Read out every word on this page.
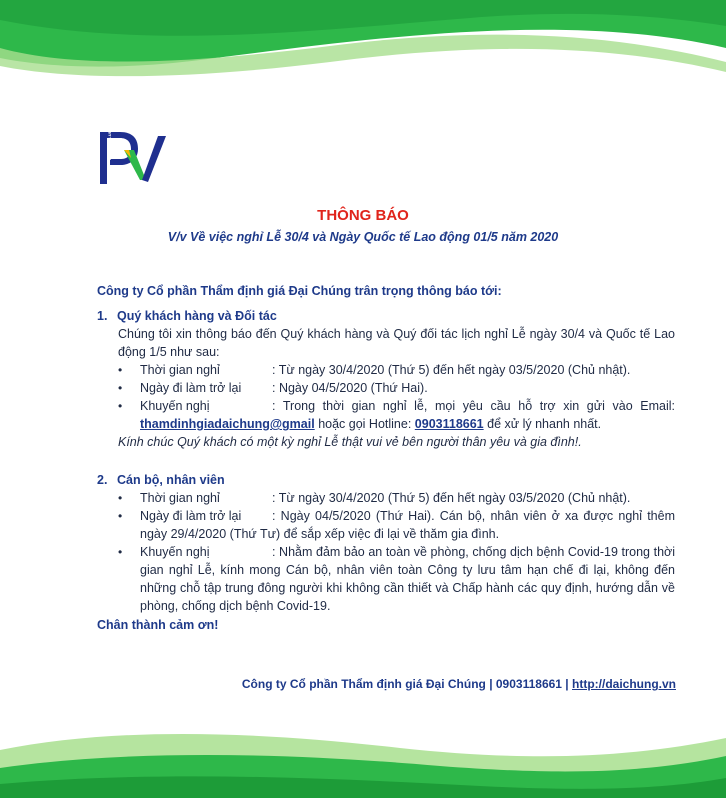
PUBLIC VALUE
THÔNG BÁO
V/v Về việc nghỉ Lễ 30/4 và Ngày Quốc tế Lao động 01/5 năm 2020

Công ty Cổ phần Thẩm định giá Đại Chúng trân trọng thông báo tới:

1. Quý khách hàng và Đối tác

Chúng tôi xin thông báo đến Quý khách hàng và Quý đối tác lịch nghỉ Lễ ngày 30/4 và Quốc tế Lao động 1/5 như sau:

• Thời gian nghỉ	: Từ ngày 30/4/2020 (Thứ 5) đến hết ngày 03/5/2020 (Chủ nhật).
• Ngày đi làm trở lại : Ngày 04/5/2020 (Thứ Hai).
• Khuyến nghị	: Trong thời gian nghỉ lễ, mọi yêu cầu hỗ trợ xin gửi vào Email: thamdinhgiadaichung@gmail hoặc gọi Hotline: 0903118661 để xử lý nhanh nhất.

Kính chúc Quý khách có một kỳ nghỉ Lễ thật vui vẻ bên người thân yêu và gia đình!.

2. Cán bộ, nhân viên

• Thời gian nghỉ	: Từ ngày 30/4/2020 (Thứ 5) đến hết ngày 03/5/2020 (Chủ nhật).
• Ngày đi làm trở lại : Ngày 04/5/2020 (Thứ Hai). Cán bộ, nhân viên ở xa được nghỉ thêm ngày 29/4/2020 (Thứ Tư) để sắp xếp việc đi lại về thăm gia đình.
• Khuyến nghị	: Nhằm đảm bảo an toàn về phòng, chống dịch bệnh Covid-19 trong thời gian nghỉ Lễ, kính mong Cán bộ, nhân viên toàn Công ty lưu tâm hạn chế đi lại, không đến những chỗ tập trung đông người khi không cần thiết và Chấp hành các quy định, hướng dẫn về phòng, chống dịch bệnh Covid-19.

Chân thành cảm ơn!

Công ty Cổ phần Thẩm định giá Đại Chúng | 0903118661 | http://daichung.vn
